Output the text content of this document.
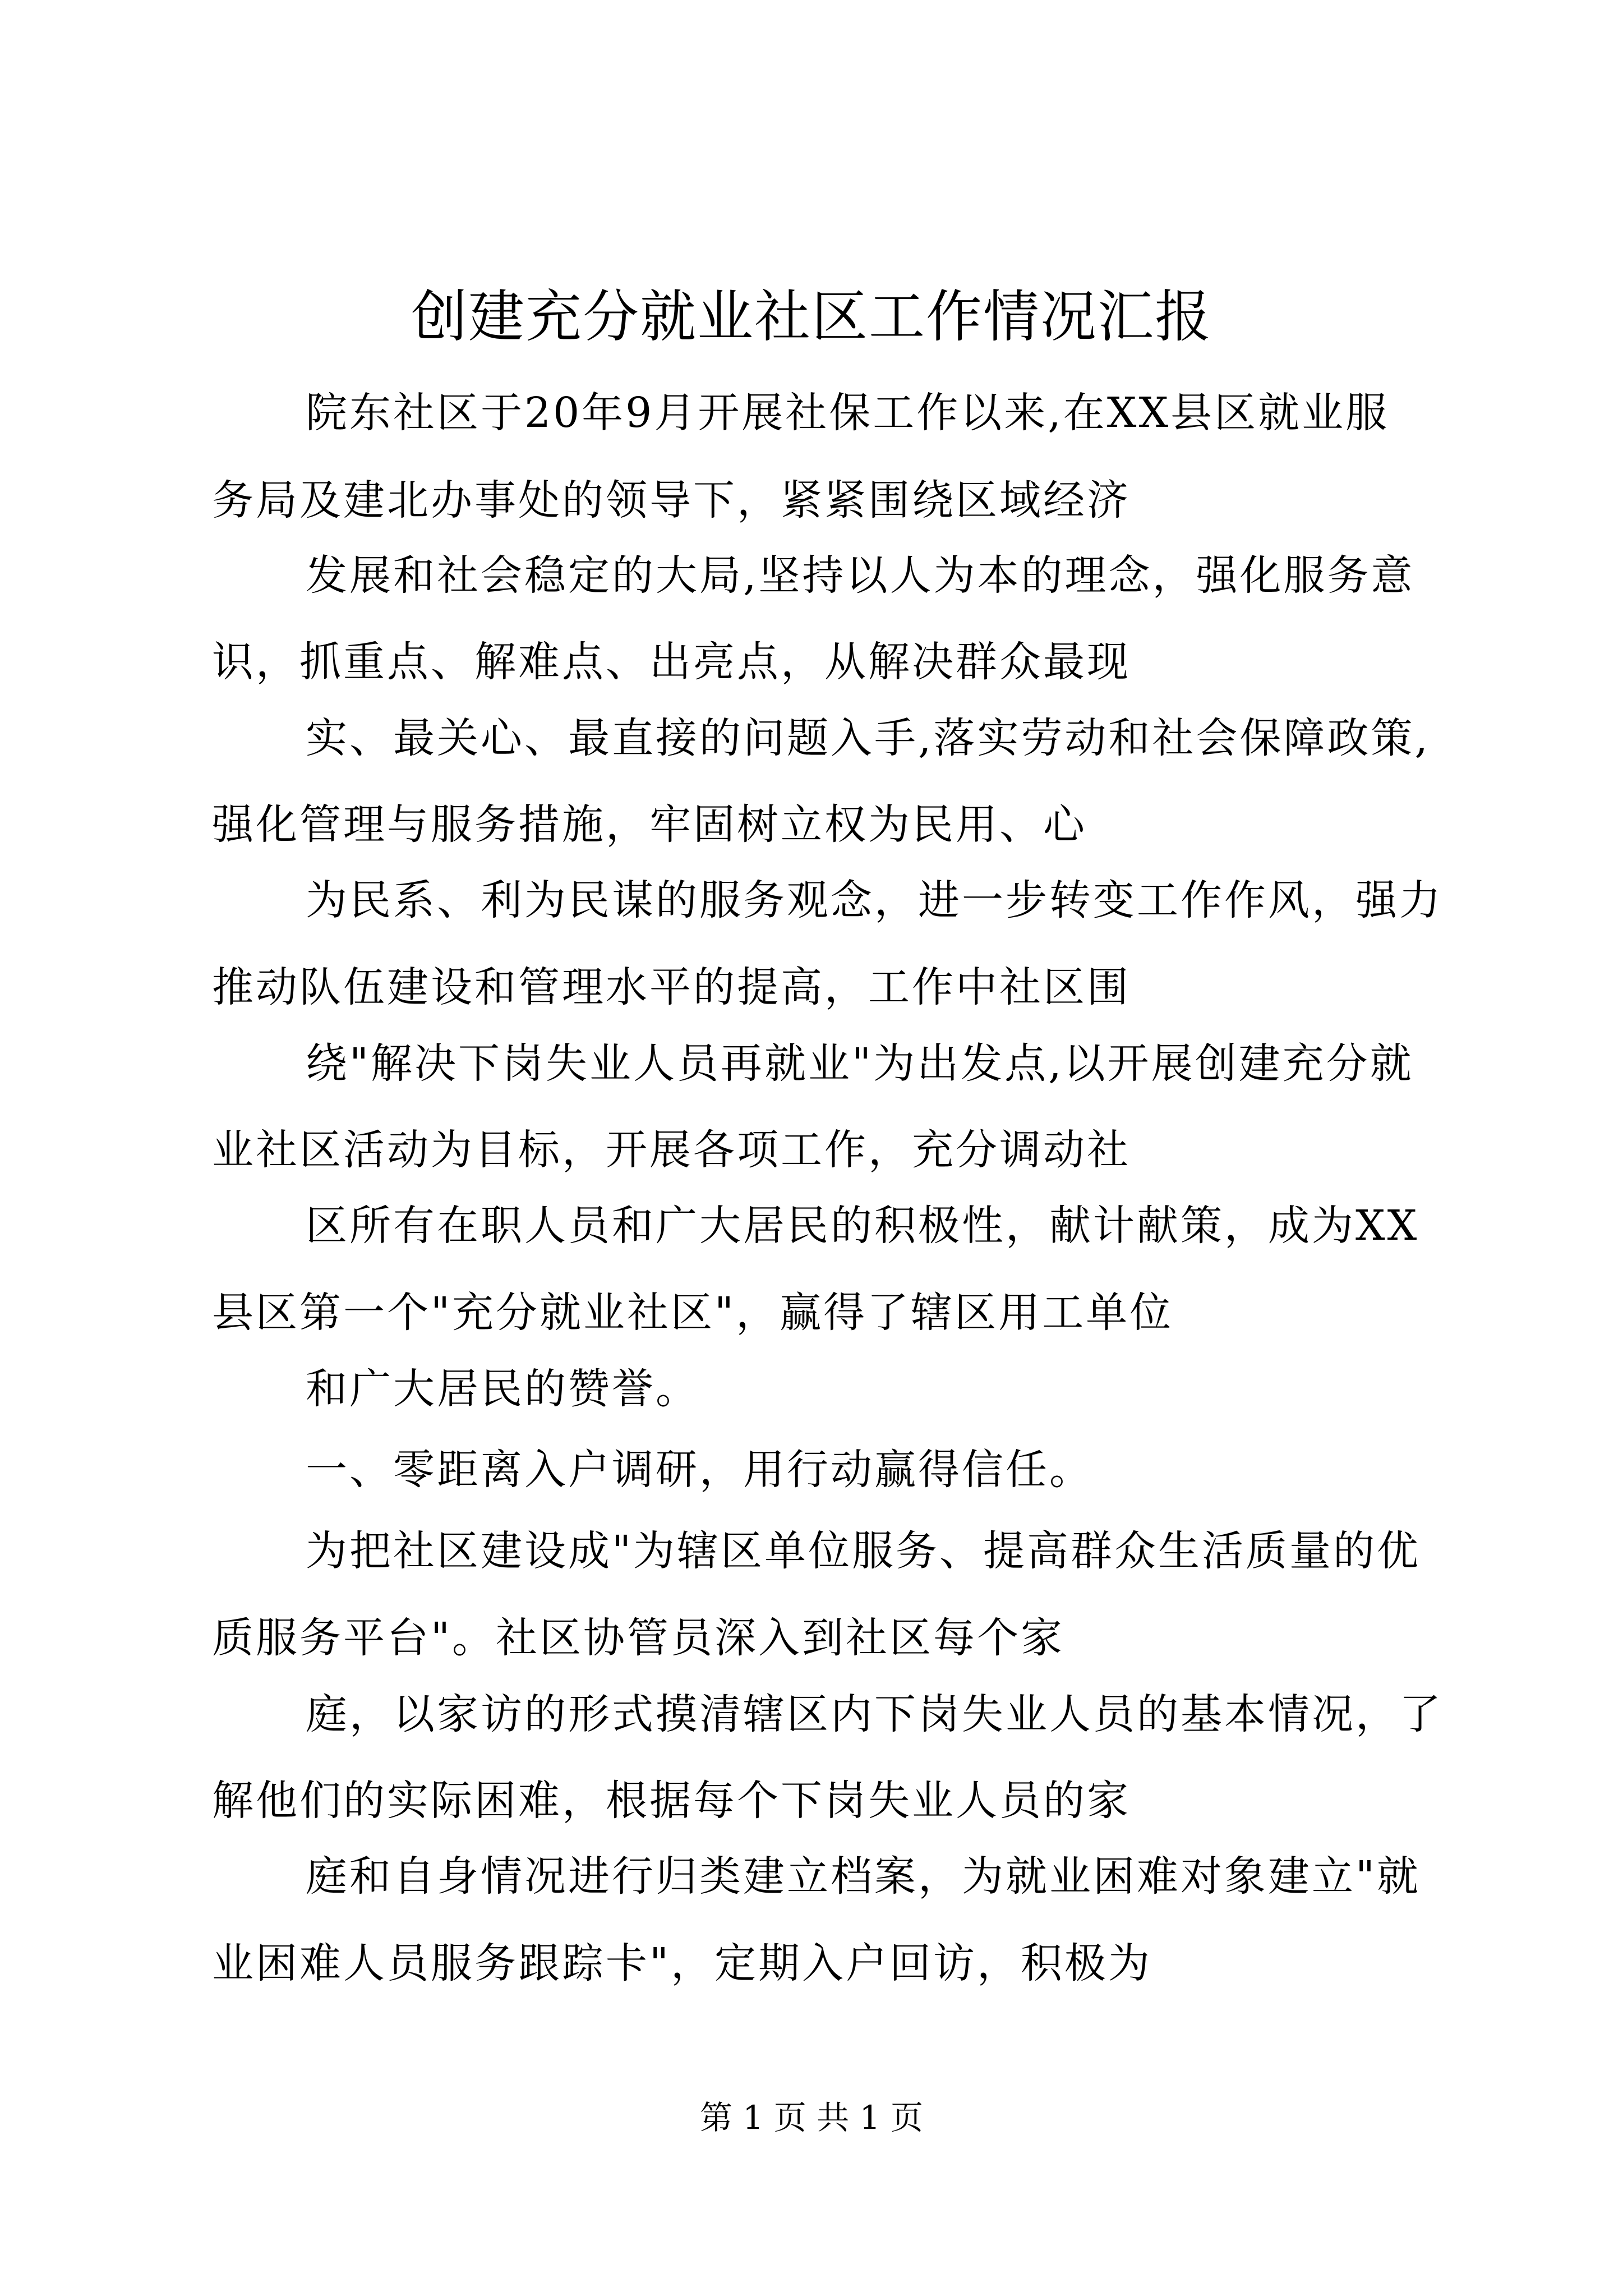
创建充分就业社区工作情况汇报
院东社区于20年9月开展社保工作以来,在XX县区就业服
务局及建北办事处的领导下，紧紧围绕区域经济
发展和社会稳定的大局,坚持以人为本的理念，强化服务意
识，抓重点、解难点、出亮点，从解决群众最现
实、最关心、最直接的问题入手,落实劳动和社会保障政策,
强化管理与服务措施，牢固树立权为民用、心
为民系、利为民谋的服务观念，进一步转变工作作风，强力
推动队伍建设和管理水平的提高，工作中社区围
绕"解决下岗失业人员再就业"为出发点,以开展创建充分就
业社区活动为目标，开展各项工作，充分调动社
区所有在职人员和广大居民的积极性，献计献策，成为XX
县区第一个"充分就业社区"，赢得了辖区用工单位
和广大居民的赞誉。
一、零距离入户调研，用行动赢得信任。
为把社区建设成"为辖区单位服务、提高群众生活质量的优
质服务平台"。社区协管员深入到社区每个家
庭，以家访的形式摸清辖区内下岗失业人员的基本情况，了
解他们的实际困难，根据每个下岗失业人员的家
庭和自身情况进行归类建立档案，为就业困难对象建立"就
业困难人员服务跟踪卡"，定期入户回访，积极为
第 1 页 共 1 页
